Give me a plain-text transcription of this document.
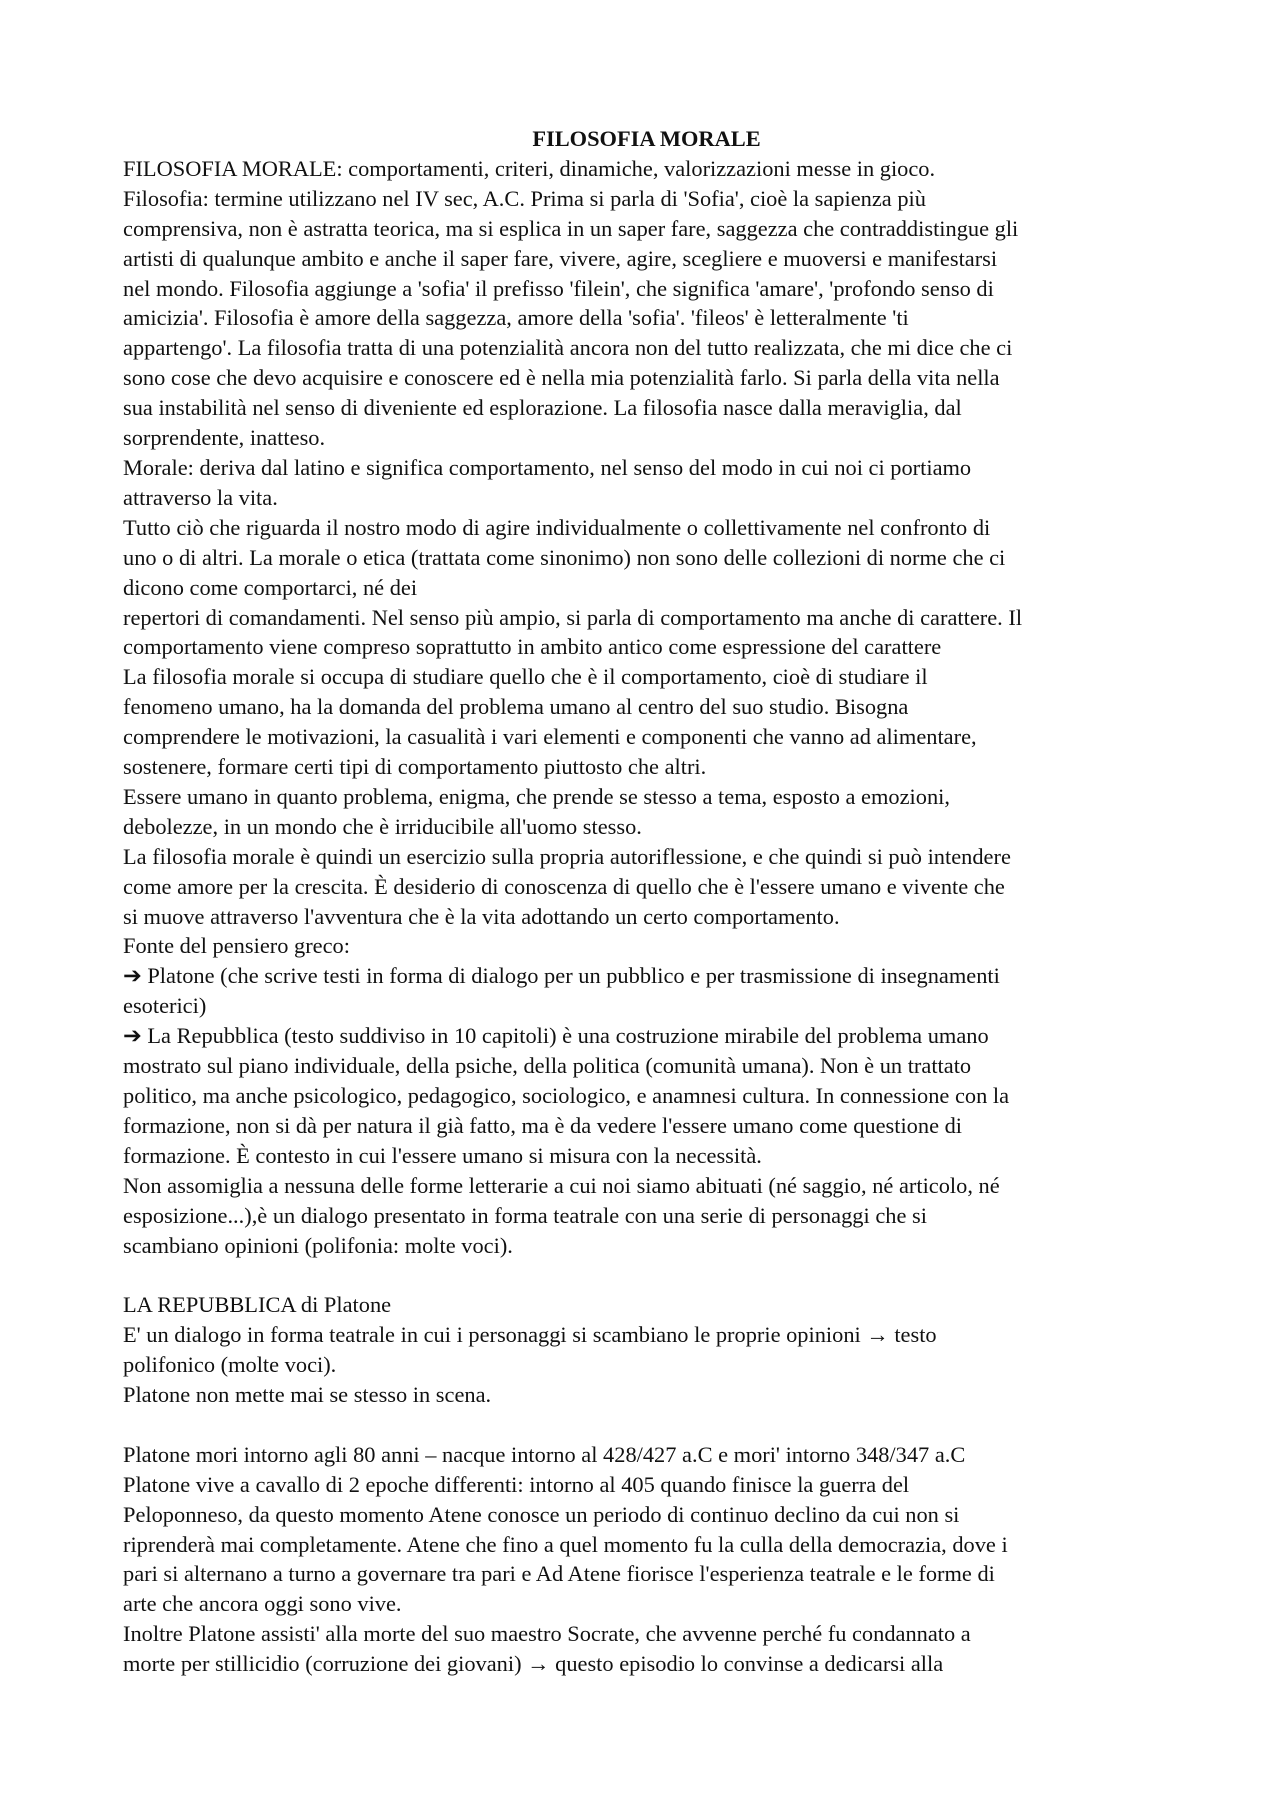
FILOSOFIA MORALE

FILOSOFIA MORALE: comportamenti, criteri, dinamiche, valorizzazioni messe in gioco.

Filosofia: termine utilizzano nel IV sec, A.C. Prima si parla di 'Sofia', cioè la sapienza più

comprensiva, non è astratta teorica, ma si esplica in un saper fare, saggezza che contraddistingue gli

artisti di qualunque ambito e anche il saper fare, vivere, agire, scegliere e muoversi e manifestarsi

nel mondo. Filosofia aggiunge a 'sofia' il prefisso 'filein', che significa 'amare', 'profondo senso di

amicizia'. Filosofia è amore della saggezza, amore della 'sofia'. 'fileos' è letteralmente 'ti

appartengo'. La filosofia tratta di una potenzialità ancora non del tutto realizzata, che mi dice che ci

sono cose che devo acquisire e conoscere ed è nella mia potenzialità farlo. Si parla della vita nella

sua instabilità nel senso di diveniente ed esplorazione. La filosofia nasce dalla meraviglia, dal

sorprendente, inatteso.

Morale: deriva dal latino e significa comportamento, nel senso del modo in cui noi ci portiamo

attraverso la vita.

Tutto ciò che riguarda il nostro modo di agire individualmente o collettivamente nel confronto di

uno o di altri. La morale o etica (trattata come sinonimo) non sono delle collezioni di norme che ci

dicono come comportarci, né dei

repertori di comandamenti. Nel senso più ampio, si parla di comportamento ma anche di carattere. Il

comportamento viene compreso soprattutto in ambito antico come espressione del carattere

La filosofia morale si occupa di studiare quello che è il comportamento, cioè di studiare il

fenomeno umano, ha la domanda del problema umano al centro del suo studio. Bisogna

comprendere le motivazioni, la casualità i vari elementi e componenti che vanno ad alimentare,

sostenere, formare certi tipi di comportamento piuttosto che altri.

Essere umano in quanto problema, enigma, che prende se stesso a tema, esposto a emozioni,

debolezze, in un mondo che è irriducibile all'uomo stesso.

La filosofia morale è quindi un esercizio sulla propria autoriflessione, e che quindi si può intendere

come amore per la crescita. È desiderio di conoscenza di quello che è l'essere umano e vivente che

si muove attraverso l'avventura che è la vita adottando un certo comportamento.

Fonte del pensiero greco:

➔ Platone (che scrive testi in forma di dialogo per un pubblico e per trasmissione di insegnamenti

esoterici)

➔ La Repubblica (testo suddiviso in 10 capitoli) è una costruzione mirabile del problema umano

mostrato sul piano individuale, della psiche, della politica (comunità umana). Non è un trattato

politico, ma anche psicologico, pedagogico, sociologico, e anamnesi cultura. In connessione con la

formazione, non si dà per natura il già fatto, ma è da vedere l'essere umano come questione di

formazione. È contesto in cui l'essere umano si misura con la necessità.

Non assomiglia a nessuna delle forme letterarie a cui noi siamo abituati (né saggio, né articolo, né

esposizione...),è un dialogo presentato in forma teatrale con una serie di personaggi che si

scambiano opinioni (polifonia: molte voci).

LA REPUBBLICA di Platone

E' un dialogo in forma teatrale in cui i personaggi si scambiano le proprie opinioni → testo

polifonico (molte voci).

Platone non mette mai se stesso in scena.

Platone mori intorno agli 80 anni – nacque intorno al 428/427 a.C e mori' intorno 348/347 a.C

Platone vive a cavallo di 2 epoche differenti: intorno al 405 quando finisce la guerra del

Peloponneso, da questo momento Atene conosce un periodo di continuo declino da cui non si

riprenderà mai completamente. Atene che fino a quel momento fu la culla della democrazia, dove i

pari si alternano a turno a governare tra pari e Ad Atene fiorisce l'esperienza teatrale e le forme di

arte che ancora oggi sono vive.

Inoltre Platone assisti' alla morte del suo maestro Socrate, che avvenne perché fu condannato a

morte per stillicidio (corruzione dei giovani) → questo episodio lo convinse a dedicarsi alla
